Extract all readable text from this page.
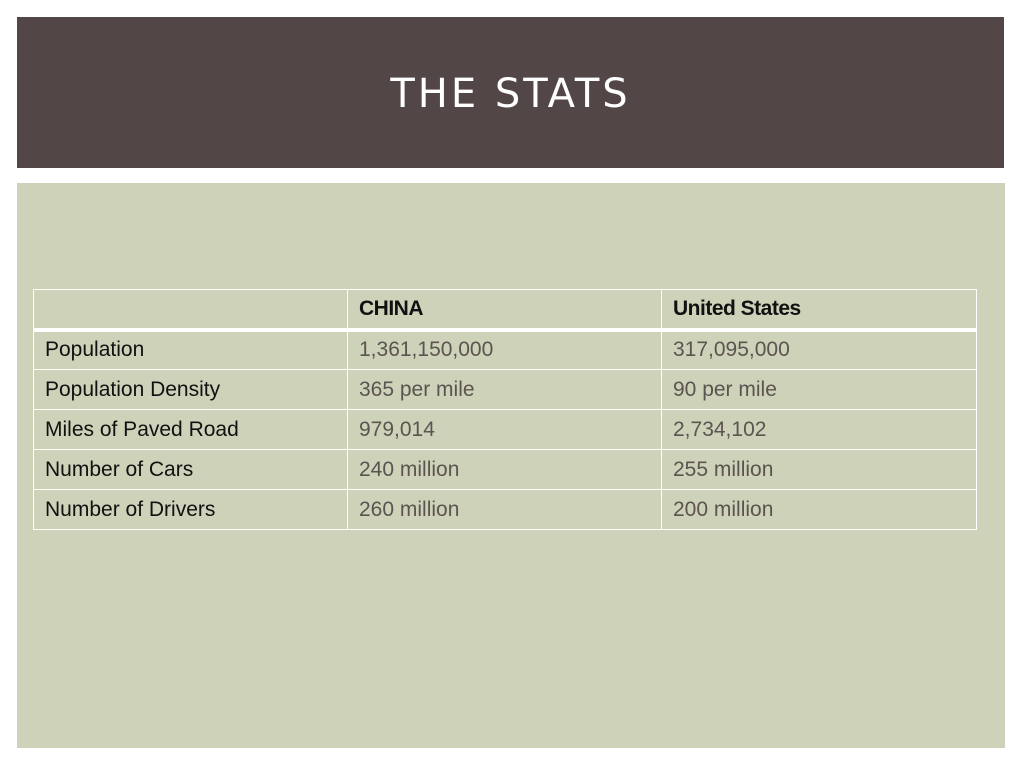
THE STATS
	CHINA	United States
Population	1,361,150,000	317,095,000
Population Density	365 per mile	90 per mile
Miles of Paved Road	979,014	2,734,102
Number of Cars	240 million	255 million
Number of Drivers	260 million	200 million
